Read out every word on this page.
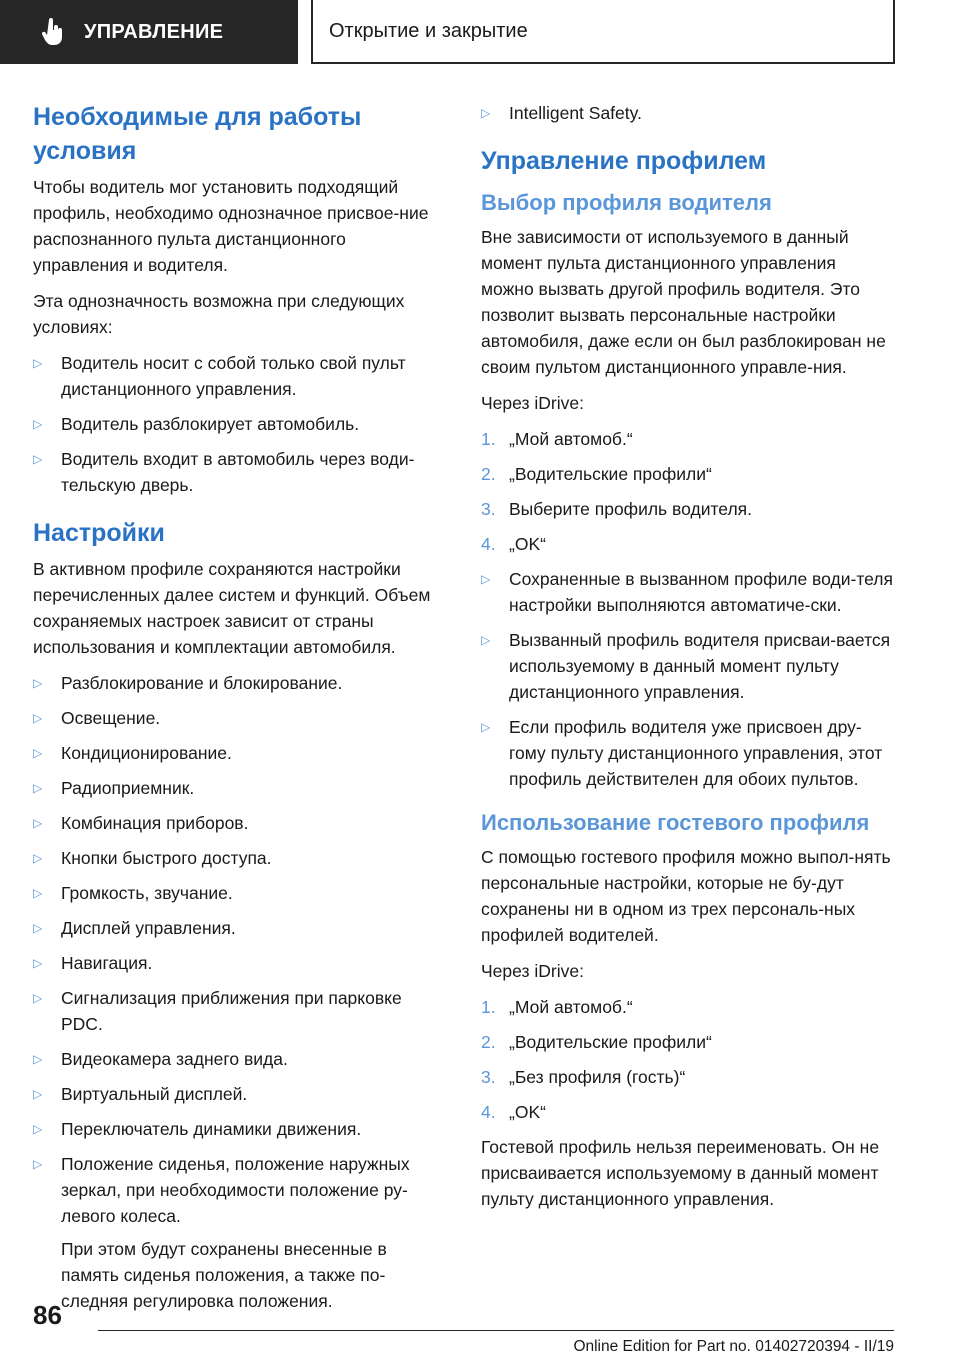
УПРАВЛЕНИЕ	Открытие и закрытие
Необходимые для работы условия

Чтобы водитель мог установить подходящий профиль, необходимо однозначное присвое-ние распознанного пульта дистанционного управления и водителя.

Эта однозначность возможна при следующих условиях:

▷	Водитель носит с собой только свой пульт дистанционного управления.
▷	Водитель разблокирует автомобиль.
▷	Водитель входит в автомобиль через води-тельскую дверь.
Настройки

В активном профиле сохраняются настройки перечисленных далее систем и функций. Объем сохраняемых настроек зависит от страны использования и комплектации автомобиля.

▷	Разблокирование и блокирование.
▷	Освещение.
▷	Кондиционирование.
▷	Радиоприемник.
▷	Комбинация приборов.
▷	Кнопки быстрого доступа.
▷	Громкость, звучание.
▷	Дисплей управления.
▷	Навигация.
▷	Сигнализация приближения при парковке PDC.
▷	Видеокамера заднего вида.
▷	Виртуальный дисплей.
▷	Переключатель динамики движения.
▷	Положение сиденья, положение наружных зеркал, при необходимости положение ру-левого колеса.

При этом будут сохранены внесенные в память сиденья положения, а также по-следняя регулировка положения.

▷	Intelligent Safety.
Управление профилем
Выбор профиля водителя

Вне зависимости от используемого в данный момент пульта дистанционного управления можно вызвать другой профиль водителя. Это позволит вызвать персональные настройки автомобиля, даже если он был разблокирован не своим пультом дистанционного управле-ния.

Через iDrive:

1. „Мой автомоб.“
2. „Водительские профили“
3. Выберите профиль водителя.
4. „OK“
▷	Сохраненные в вызванном профиле води-теля настройки выполняются автоматиче-ски.
▷	Вызванный профиль водителя присваи-вается используемому в данный момент пульту дистанционного управления.
▷	Если профиль водителя уже присвоен дру-гому пульту дистанционного управления, этот профиль действителен для обоих пультов.
Использование гостевого профиля

С помощью гостевого профиля можно выпол-нять персональные настройки, которые не бу-дут сохранены ни в одном из трех персональ-ных профилей водителей.

Через iDrive:

1. „Мой автомоб.“
2. „Водительские профили“
3. „Без профиля (гость)“
4. „OK“

Гостевой профиль нельзя переименовать. Он не присваивается используемому в данный момент пульту дистанционного управления.

86
Online Edition for Part no. 01402720394 - II/19
